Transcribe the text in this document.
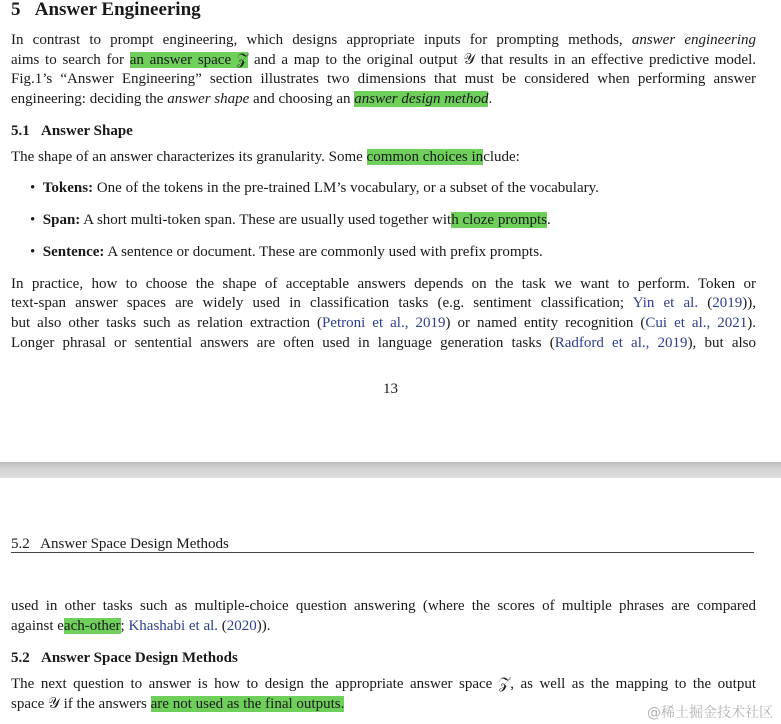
5 Answer Engineering
In contrast to prompt engineering, which designs appropriate inputs for prompting methods, answer engineering
aims to search for an answer space 𝒵 and a map to the original output 𝒴 that results in an effective predictive model.
Fig.1’s “Answer Engineering” section illustrates two dimensions that must be considered when performing answer
engineering: deciding the answer shape and choosing an answer design method.
5.1 Answer Shape
The shape of an answer characterizes its granularity. Some common choices include:
• Tokens: One of the tokens in the pre-trained LM’s vocabulary, or a subset of the vocabulary.
• Span: A short multi-token span. These are usually used together with cloze prompts.
• Sentence: A sentence or document. These are commonly used with prefix prompts.
In practice, how to choose the shape of acceptable answers depends on the task we want to perform. Token or
text-span answer spaces are widely used in classification tasks (e.g. sentiment classification; Yin et al. (2019)),
but also other tasks such as relation extraction (Petroni et al., 2019) or named entity recognition (Cui et al., 2021).
Longer phrasal or sentential answers are often used in language generation tasks (Radford et al., 2019), but also
13
5.2   Answer Space Design Methods
used in other tasks such as multiple-choice question answering (where the scores of multiple phrases are compared
against each-other; Khashabi et al. (2020)).
5.2 Answer Space Design Methods
The next question to answer is how to design the appropriate answer space 𝒵, as well as the mapping to the output
space 𝒴 if the answers are not used as the final outputs.
@稀土掘金技术社区
